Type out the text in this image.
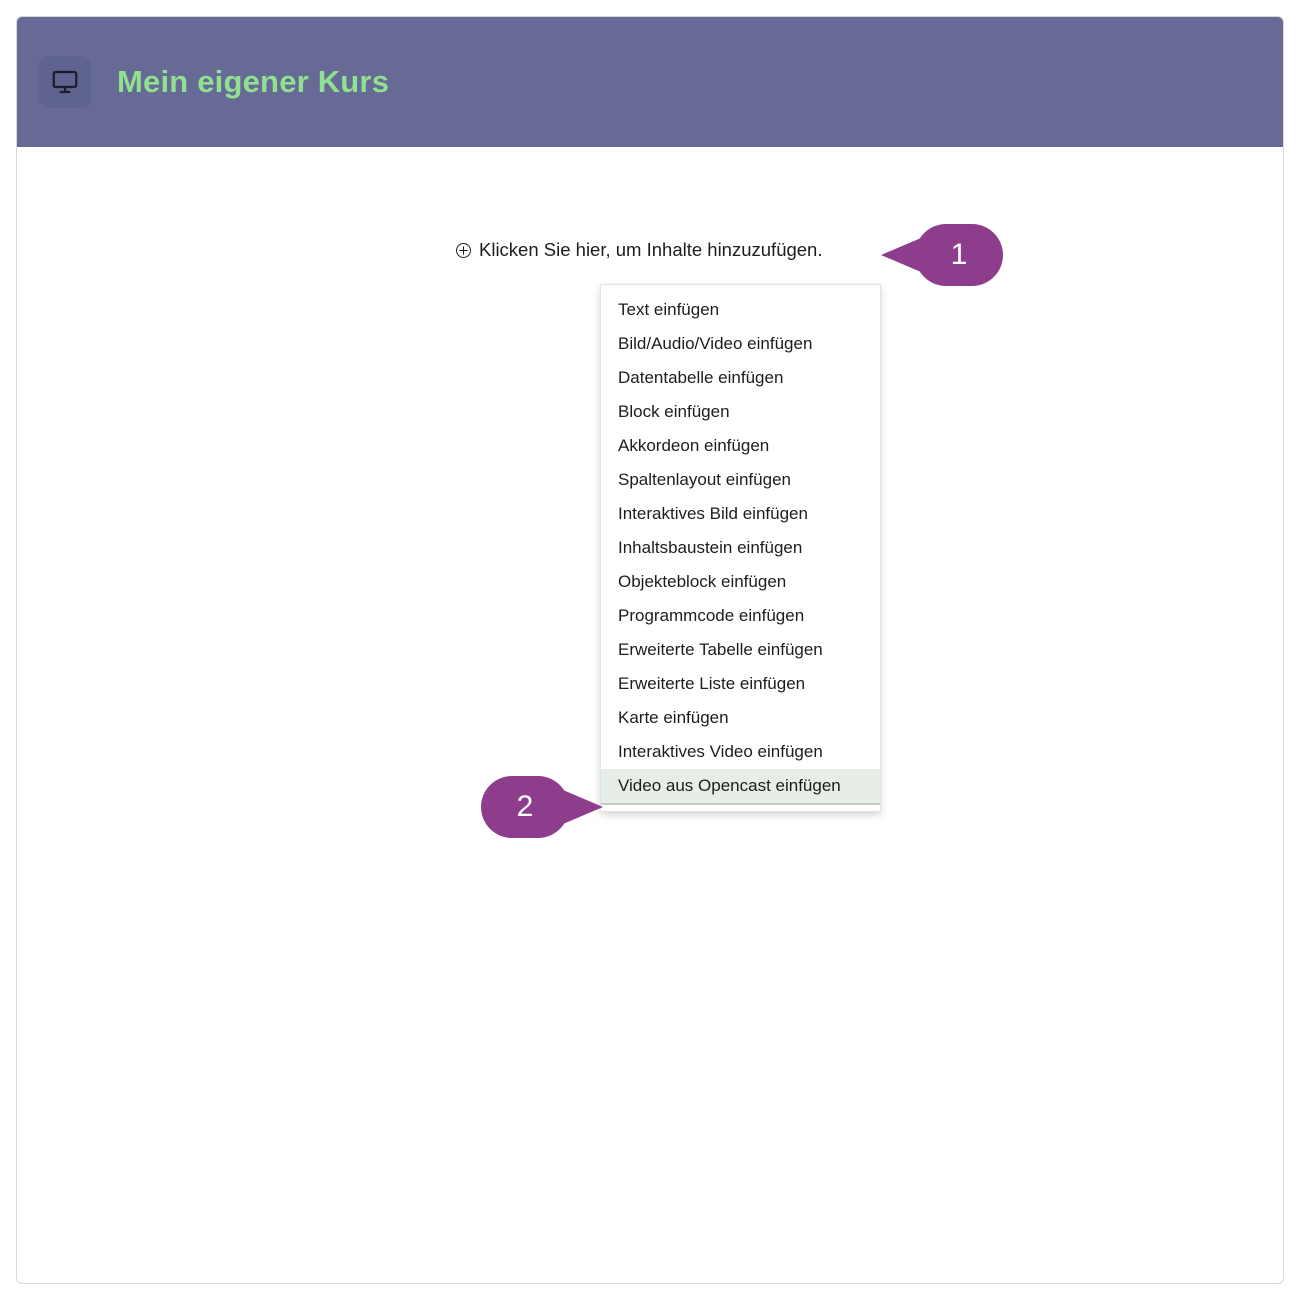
Mein eigener Kurs
Klicken Sie hier, um Inhalte hinzuzufügen.
Text einfügen
Bild/Audio/Video einfügen
Datentabelle einfügen
Block einfügen
Akkordeon einfügen
Spaltenlayout einfügen
Interaktives Bild einfügen
Inhaltsbaustein einfügen
Objekteblock einfügen
Programmcode einfügen
Erweiterte Tabelle einfügen
Erweiterte Liste einfügen
Karte einfügen
Interaktives Video einfügen
Video aus Opencast einfügen
1
2
